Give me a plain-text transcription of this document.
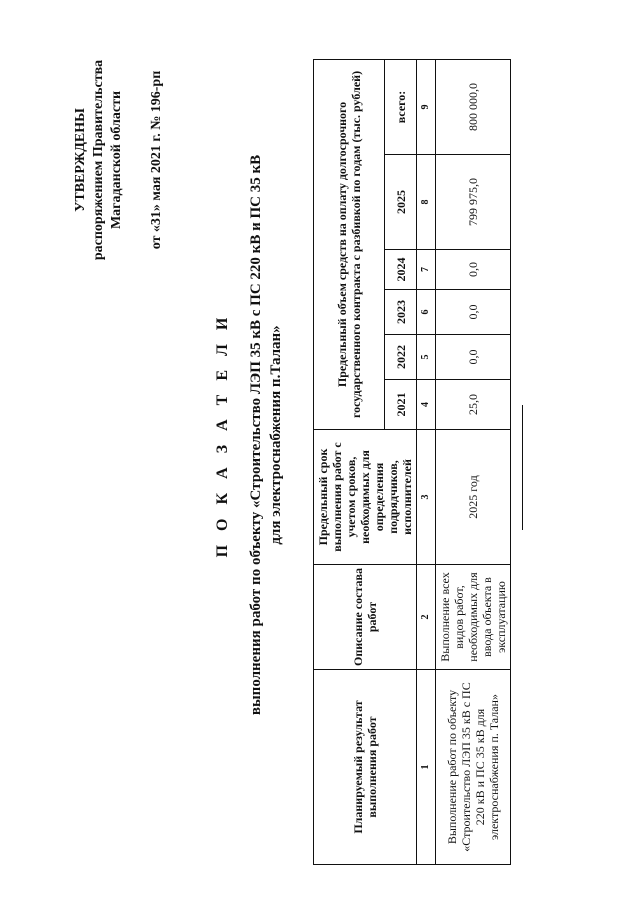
УТВЕРЖДЕНЫ распоряжением Правительства Магаданской области от «31» мая 2021 г. № 196-рп
П О К А З А Т Е Л И выполнения работ по объекту «Строительство ЛЭП 35 кВ с ПС 220 кВ и ПС 35 кВ для электроснабжения п.Талан»
Планируемый результат выполнения работ	Описание состава работ	Предельный срок выполнения работ с учетом сроков, необходимых для определения подрядчиков, исполнителей	Предельный объем средств на оплату долгосрочного государственного контракта с разбивкой по годам (тыс. рублей)					
			2021	2022	2023	2024	2025	всего:
1	2	3	4	5	6	7	8	9
Выполнение работ по объекту «Строительство ЛЭП 35 кВ с ПС 220 кВ и ПС 35 кВ для электроснабжения п. Талан»	Выполнение всех видов работ, необходимых для ввода объекта в эксплуатацию	2025 год	25,0	0,0	0,0	0,0	799 975,0	800 000,0
